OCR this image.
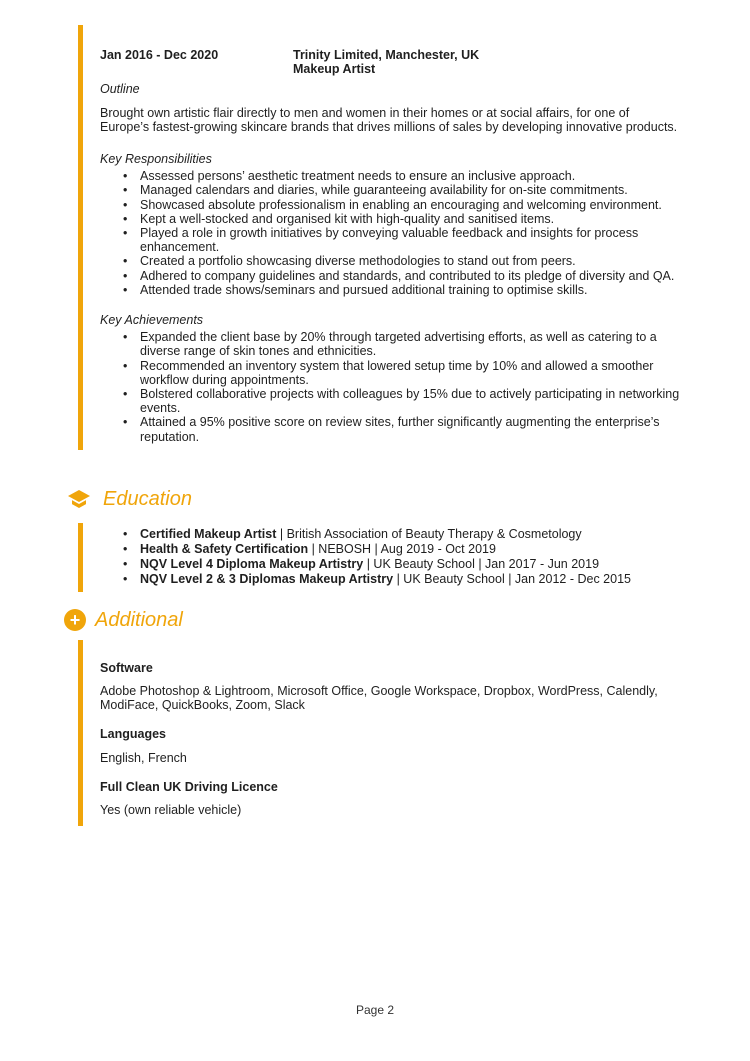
Jan 2016 - Dec 2020	Trinity Limited, Manchester, UK
Makeup Artist
Outline

Brought own artistic flair directly to men and women in their homes or at social affairs, for one of Europe’s fastest-growing skincare brands that drives millions of sales by developing innovative products.

Key Responsibilities
• Assessed persons’ aesthetic treatment needs to ensure an inclusive approach.
• Managed calendars and diaries, while guaranteeing availability for on-site commitments.
• Showcased absolute professionalism in enabling an encouraging and welcoming environment.
• Kept a well-stocked and organised kit with high-quality and sanitised items.
• Played a role in growth initiatives by conveying valuable feedback and insights for process enhancement.
• Created a portfolio showcasing diverse methodologies to stand out from peers.
• Adhered to company guidelines and standards, and contributed to its pledge of diversity and QA.
• Attended trade shows/seminars and pursued additional training to optimise skills.
Key Achievements
• Expanded the client base by 20% through targeted advertising efforts, as well as catering to a diverse range of skin tones and ethnicities.
• Recommended an inventory system that lowered setup time by 10% and allowed a smoother workflow during appointments.
• Bolstered collaborative projects with colleagues by 15% due to actively participating in networking events.
• Attained a 95% positive score on review sites, further significantly augmenting the enterprise’s reputation.
Education
• Certified Makeup Artist | British Association of Beauty Therapy & Cosmetology
• Health & Safety Certification | NEBOSH | Aug 2019 - Oct 2019
• NQV Level 4 Diploma Makeup Artistry | UK Beauty School | Jan 2017 - Jun 2019
• NQV Level 2 & 3 Diplomas Makeup Artistry | UK Beauty School | Jan 2012 - Dec 2015
+ Additional
Software

Adobe Photoshop & Lightroom, Microsoft Office, Google Workspace, Dropbox, WordPress, Calendly, ModiFace, QuickBooks, Zoom, Slack

Languages

English, French

Full Clean UK Driving Licence

Yes (own reliable vehicle)

Page 2
